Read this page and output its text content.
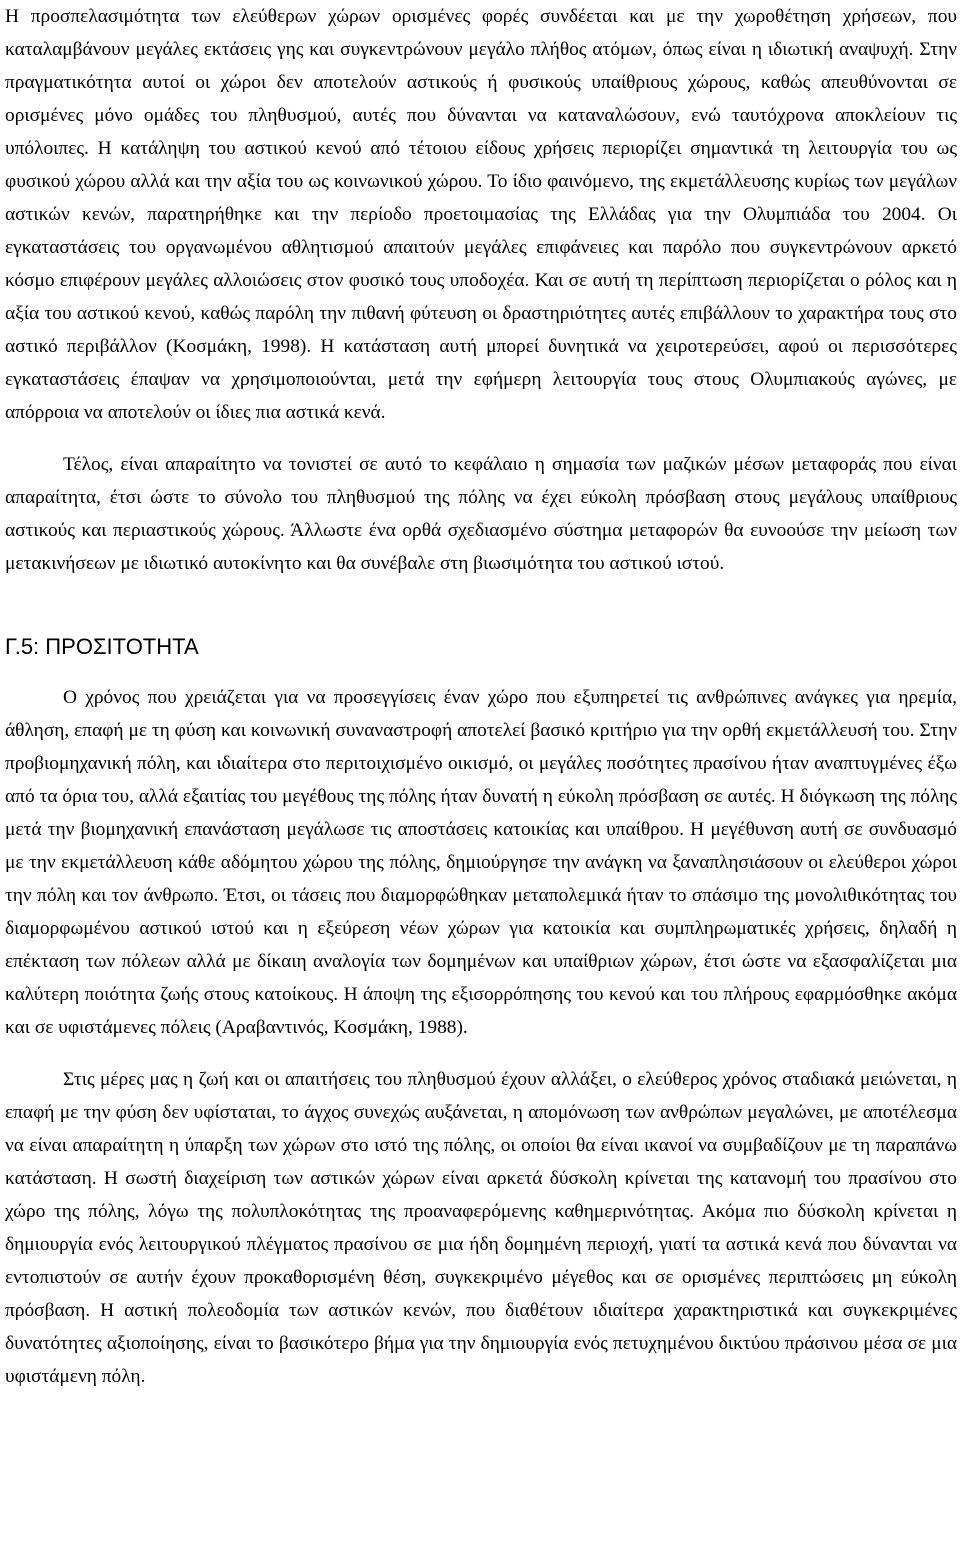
Η προσπελασιμότητα των ελεύθερων χώρων ορισμένες φορές συνδέεται και με την χωροθέτηση χρήσεων, που καταλαμβάνουν μεγάλες εκτάσεις γης και συγκεντρώνουν μεγάλο πλήθος ατόμων, όπως είναι η ιδιωτική αναψυχή. Στην πραγματικότητα αυτοί οι χώροι δεν αποτελούν αστικούς ή φυσικούς υπαίθριους χώρους, καθώς απευθύνονται σε ορισμένες μόνο ομάδες του πληθυσμού, αυτές που δύνανται να καταναλώσουν, ενώ ταυτόχρονα αποκλείουν τις υπόλοιπες. Η κατάληψη του αστικού κενού από τέτοιου είδους χρήσεις περιορίζει σημαντικά τη λειτουργία του ως φυσικού χώρου αλλά και την αξία του ως κοινωνικού χώρου. Το ίδιο φαινόμενο, της εκμετάλλευσης κυρίως των μεγάλων αστικών κενών, παρατηρήθηκε και την περίοδο προετοιμασίας της Ελλάδας για την Ολυμπιάδα του 2004. Οι εγκαταστάσεις του οργανωμένου αθλητισμού απαιτούν μεγάλες επιφάνειες και παρόλο που συγκεντρώνουν αρκετό κόσμο επιφέρουν μεγάλες αλλοιώσεις στον φυσικό τους υποδοχέα. Και σε αυτή τη περίπτωση περιορίζεται ο ρόλος και η αξία του αστικού κενού, καθώς παρόλη την πιθανή φύτευση οι δραστηριότητες αυτές επιβάλλουν το χαρακτήρα τους στο αστικό περιβάλλον (Κοσμάκη, 1998). Η κατάσταση αυτή μπορεί δυνητικά να χειροτερεύσει, αφού οι περισσότερες εγκαταστάσεις έπαψαν να χρησιμοποιούνται, μετά την εφήμερη λειτουργία τους στους Ολυμπιακούς αγώνες, με απόρροια να αποτελούν οι ίδιες πια αστικά κενά.

Τέλος, είναι απαραίτητο να τονιστεί σε αυτό το κεφάλαιο η σημασία των μαζικών μέσων μεταφοράς που είναι απαραίτητα, έτσι ώστε το σύνολο του πληθυσμού της πόλης να έχει εύκολη πρόσβαση στους μεγάλους υπαίθριους αστικούς και περιαστικούς χώρους. Άλλωστε ένα ορθά σχεδιασμένο σύστημα μεταφορών θα ευνοούσε την μείωση των μετακινήσεων με ιδιωτικό αυτοκίνητο και θα συνέβαλε στη βιωσιμότητα του αστικού ιστού.

Γ.5: ΠΡΟΣΙΤΟΤΗΤΑ

Ο χρόνος που χρειάζεται για να προσεγγίσεις έναν χώρο που εξυπηρετεί τις ανθρώπινες ανάγκες για ηρεμία, άθληση, επαφή με τη φύση και κοινωνική συναναστροφή αποτελεί βασικό κριτήριο για την ορθή εκμετάλλευσή του. Στην προβιομηχανική πόλη, και ιδιαίτερα στο περιτοιχισμένο οικισμό, οι μεγάλες ποσότητες πρασίνου ήταν αναπτυγμένες έξω από τα όρια του, αλλά εξαιτίας του μεγέθους της πόλης ήταν δυνατή η εύκολη πρόσβαση σε αυτές. Η διόγκωση της πόλης μετά την βιομηχανική επανάσταση μεγάλωσε τις αποστάσεις κατοικίας και υπαίθρου. Η μεγέθυνση αυτή σε συνδυασμό με την εκμετάλλευση κάθε αδόμητου χώρου της πόλης, δημιούργησε την ανάγκη να ξαναπλησιάσουν οι ελεύθεροι χώροι την πόλη και τον άνθρωπο. Έτσι, οι τάσεις που διαμορφώθηκαν μεταπολεμικά ήταν το σπάσιμο της μονολιθικότητας του διαμορφωμένου αστικού ιστού και η εξεύρεση νέων χώρων για κατοικία και συμπληρωματικές χρήσεις, δηλαδή η επέκταση των πόλεων αλλά με δίκαιη αναλογία των δομημένων και υπαίθριων χώρων, έτσι ώστε να εξασφαλίζεται μια καλύτερη ποιότητα ζωής στους κατοίκους. Η άποψη της εξισορρόπησης του κενού και του πλήρους εφαρμόσθηκε ακόμα και σε υφιστάμενες πόλεις (Αραβαντινός, Κοσμάκη, 1988).

Στις μέρες μας η ζωή και οι απαιτήσεις του πληθυσμού έχουν αλλάξει, ο ελεύθερος χρόνος σταδιακά μειώνεται, η επαφή με την φύση δεν υφίσταται, το άγχος συνεχώς αυξάνεται, η απομόνωση των ανθρώπων μεγαλώνει, με αποτέλεσμα να είναι απαραίτητη η ύπαρξη των χώρων στο ιστό της πόλης, οι οποίοι θα είναι ικανοί να συμβαδίζουν με τη παραπάνω κατάσταση. Η σωστή διαχείριση των αστικών χώρων είναι αρκετά δύσκολη κρίνεται της κατανομή του πρασίνου στο χώρο της πόλης, λόγω της πολυπλοκότητας της προαναφερόμενης καθημερινότητας. Ακόμα πιο δύσκολη κρίνεται η δημιουργία ενός λειτουργικού πλέγματος πρασίνου σε μια ήδη δομημένη περιοχή, γιατί τα αστικά κενά που δύνανται να εντοπιστούν σε αυτήν έχουν προκαθορισμένη θέση, συγκεκριμένο μέγεθος και σε ορισμένες περιπτώσεις μη εύκολη πρόσβαση. Η αστική πολεοδομία των αστικών κενών, που διαθέτουν ιδιαίτερα χαρακτηριστικά και συγκεκριμένες δυνατότητες αξιοποίησης, είναι το βασικότερο βήμα για την δημιουργία ενός πετυχημένου δικτύου πράσινου μέσα σε μια υφιστάμενη πόλη.
